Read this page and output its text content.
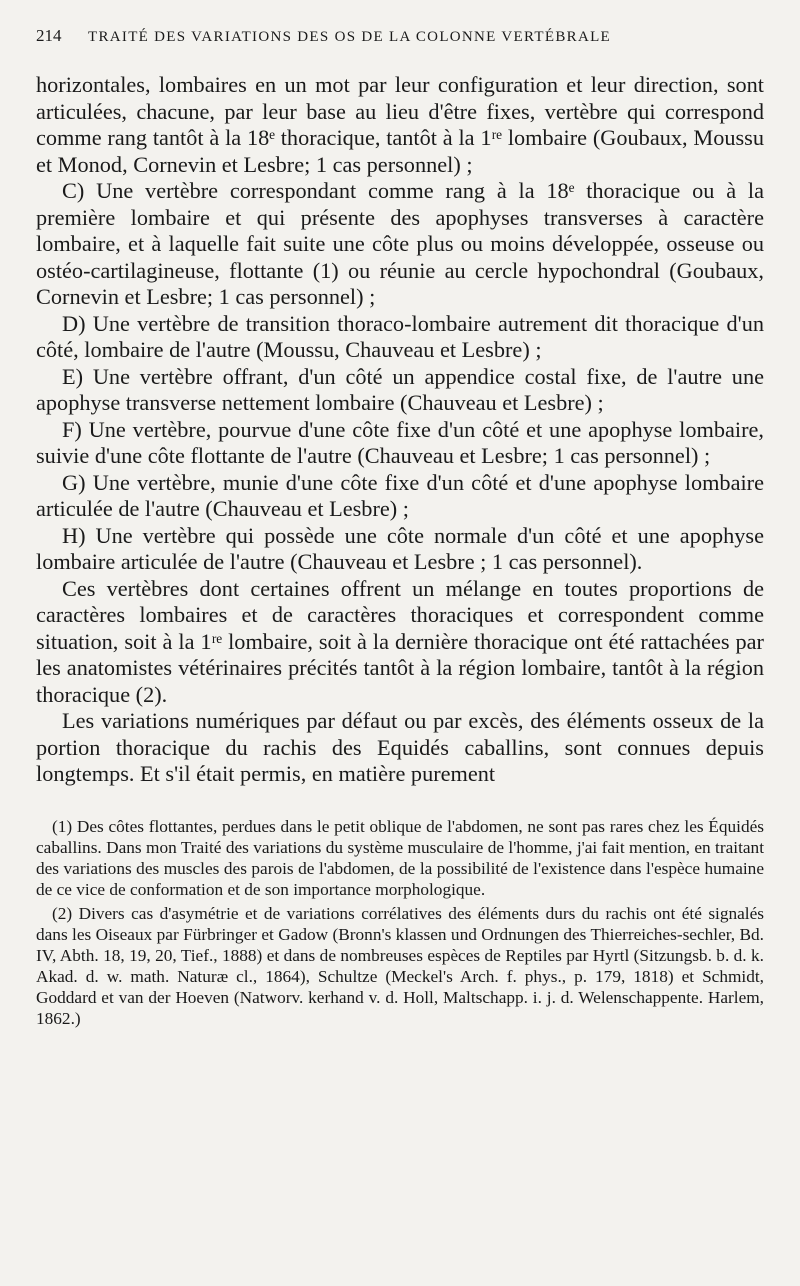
214	TRAITÉ DES VARIATIONS DES OS DE LA COLONNE VERTÉBRALE

horizontales, lombaires en un mot par leur configuration et leur direction, sont articulées, chacune, par leur base au lieu d'être fixes, vertèbre qui correspond comme rang tantôt à la 18ᵉ thoracique, tantôt à la 1ʳᵉ lombaire (Goubaux, Moussu et Monod, Cornevin et Lesbre; 1 cas personnel) ;

C) Une vertèbre correspondant comme rang à la 18ᵉ thoracique ou à la première lombaire et qui présente des apophyses transverses à caractère lombaire, et à laquelle fait suite une côte plus ou moins développée, osseuse ou ostéo-cartilagineuse, flottante (1) ou réunie au cercle hypochondral (Goubaux, Cornevin et Lesbre; 1 cas personnel) ;

D) Une vertèbre de transition thoraco-lombaire autrement dit thoracique d'un côté, lombaire de l'autre (Moussu, Chauveau et Lesbre) ;

E) Une vertèbre offrant, d'un côté un appendice costal fixe, de l'autre une apophyse transverse nettement lombaire (Chauveau et Lesbre) ;

F) Une vertèbre, pourvue d'une côte fixe d'un côté et une apophyse lombaire, suivie d'une côte flottante de l'autre (Chauveau et Lesbre; 1 cas personnel) ;

G) Une vertèbre, munie d'une côte fixe d'un côté et d'une apophyse lombaire articulée de l'autre (Chauveau et Lesbre) ;

H) Une vertèbre qui possède une côte normale d'un côté et une apophyse lombaire articulée de l'autre (Chauveau et Lesbre ; 1 cas personnel).

Ces vertèbres dont certaines offrent un mélange en toutes proportions de caractères lombaires et de caractères thoraciques et correspondent comme situation, soit à la 1ʳᵉ lombaire, soit à la dernière thoracique ont été rattachées par les anatomistes vétérinaires précités tantôt à la région lombaire, tantôt à la région thoracique (2).

Les variations numériques par défaut ou par excès, des éléments osseux de la portion thoracique du rachis des Equidés caballins, sont connues depuis longtemps. Et s'il était permis, en matière purement

(1) Des côtes flottantes, perdues dans le petit oblique de l'abdomen, ne sont pas rares chez les Équidés caballins. Dans mon Traité des variations du système musculaire de l'homme, j'ai fait mention, en traitant des variations des muscles des parois de l'abdomen, de la possibilité de l'existence dans l'espèce humaine de ce vice de conformation et de son importance morphologique.

(2) Divers cas d'asymétrie et de variations corrélatives des éléments durs du rachis ont été signalés dans les Oiseaux par Fürbringer et Gadow (Bronn's klassen und Ordnungen des Thierreiches-sechler, Bd. IV, Abth. 18, 19, 20, Tief., 1888) et dans de nombreuses espèces de Reptiles par Hyrtl (Sitzungsb. b. d. k. Akad. d. w. math. Naturæ cl., 1864), Schultze (Meckel's Arch. f. phys., p. 179, 1818) et Schmidt, Goddard et van der Hoeven (Natworv. kerhand v. d. Holl, Maltschapp. i. j. d. Welenschappente. Harlem, 1862.)
